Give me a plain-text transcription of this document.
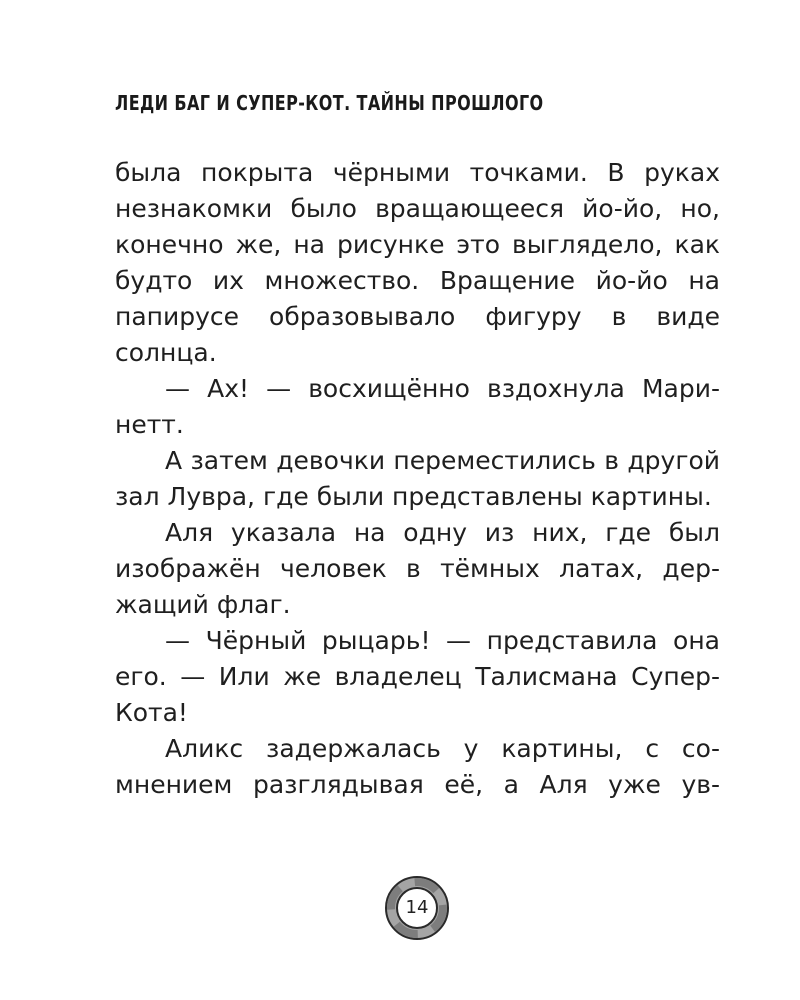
ЛЕДИ БАГ И СУПЕР-КОТ. ТАЙНЫ ПРОШЛОГО

была покрыта чёрными точками. В руках незнакомки было вращающееся йо-йо, но, конечно же, на рисунке это выглядело, как будто их множество. Вращение йо-йо на папирусе образовывало фигуру в виде солнца.

— Ах! — восхищённо вздохнула Маринетт.

А затем девочки переместились в другой зал Лувра, где были представлены картины.

Аля указала на одну из них, где был изображён человек в тёмных латах, держащий флаг.

— Чёрный рыцарь! — представила она его. — Или же владелец Талисмана Супер-Кота!

Аликс задержалась у картины, с сомнением разглядывая её, а Аля уже ув-

14
